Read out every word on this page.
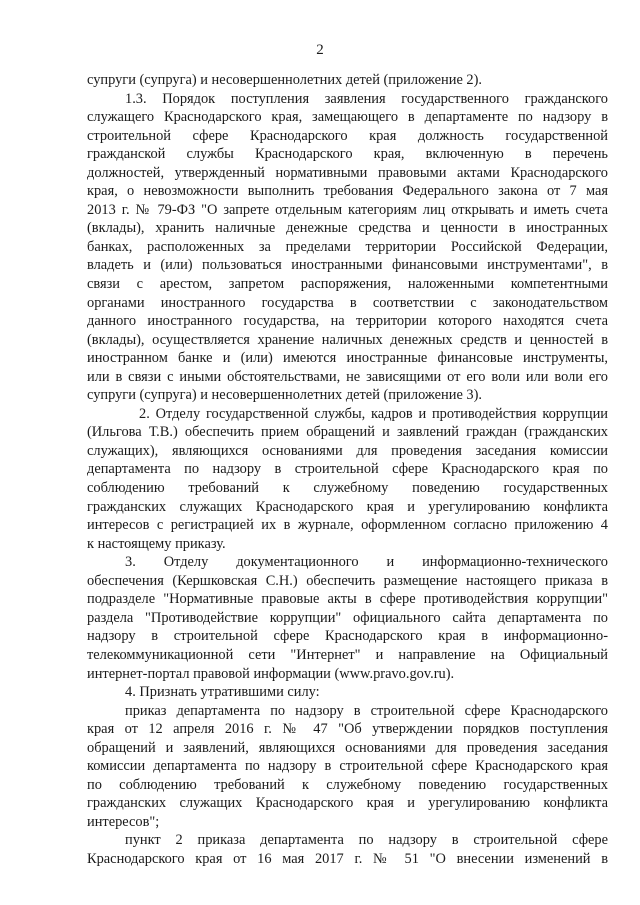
2
супруги (супруга) и несовершеннолетних детей (приложение 2).
1.3. Порядок поступления заявления государственного гражданского
служащего Краснодарского края, замещающего в департаменте по надзору в
строительной сфере Краснодарского края должность государственной
гражданской службы Краснодарского края, включенную в перечень
должностей, утвержденный нормативными правовыми актами Краснодарского
края, о невозможности выполнить требования Федерального закона от 7 мая
2013 г. № 79-ФЗ "О запрете отдельным категориям лиц открывать и иметь счета
(вклады), хранить наличные денежные средства и ценности в иностранных
банках, расположенных за пределами территории Российской Федерации,
владеть и (или) пользоваться иностранными финансовыми инструментами", в
связи с арестом, запретом распоряжения, наложенными компетентными
органами иностранного государства в соответствии с законодательством
данного иностранного государства, на территории которого находятся счета
(вклады), осуществляется хранение наличных денежных средств и ценностей в
иностранном банке и (или) имеются иностранные финансовые инструменты,
или в связи с иными обстоятельствами, не зависящими от его воли или воли его
супруги (супруга) и несовершеннолетних детей (приложение 3).
2. Отделу государственной службы, кадров и противодействия коррупции
(Ильгова Т.В.) обеспечить прием обращений и заявлений граждан (гражданских
служащих), являющихся основаниями для проведения заседания комиссии
департамента по надзору в строительной сфере Краснодарского края по
соблюдению требований к служебному поведению государственных
гражданских служащих Краснодарского края и урегулированию конфликта
интересов с регистрацией их в журнале, оформленном согласно приложению 4
к настоящему приказу.
3. Отделу документационного и информационно-технического
обеспечения (Кершковская С.Н.) обеспечить размещение настоящего приказа в
подразделе "Нормативные правовые акты в сфере противодействия коррупции"
раздела "Противодействие коррупции" официального сайта департамента по
надзору в строительной сфере Краснодарского края в информационно-
телекоммуникационной сети "Интернет" и направление на Официальный
интернет-портал правовой информации (www.pravo.gov.ru).
4. Признать утратившими силу:
приказ департамента по надзору в строительной сфере Краснодарского
края от 12 апреля 2016 г. № 47 "Об утверждении порядков поступления
обращений и заявлений, являющихся основаниями для проведения заседания
комиссии департамента по надзору в строительной сфере Краснодарского края
по соблюдению требований к служебному поведению государственных
гражданских служащих Краснодарского края и урегулированию конфликта
интересов";
пункт 2 приказа департамента по надзору в строительной сфере
Краснодарского края от 16 мая 2017 г. № 51 "О внесении изменений в
